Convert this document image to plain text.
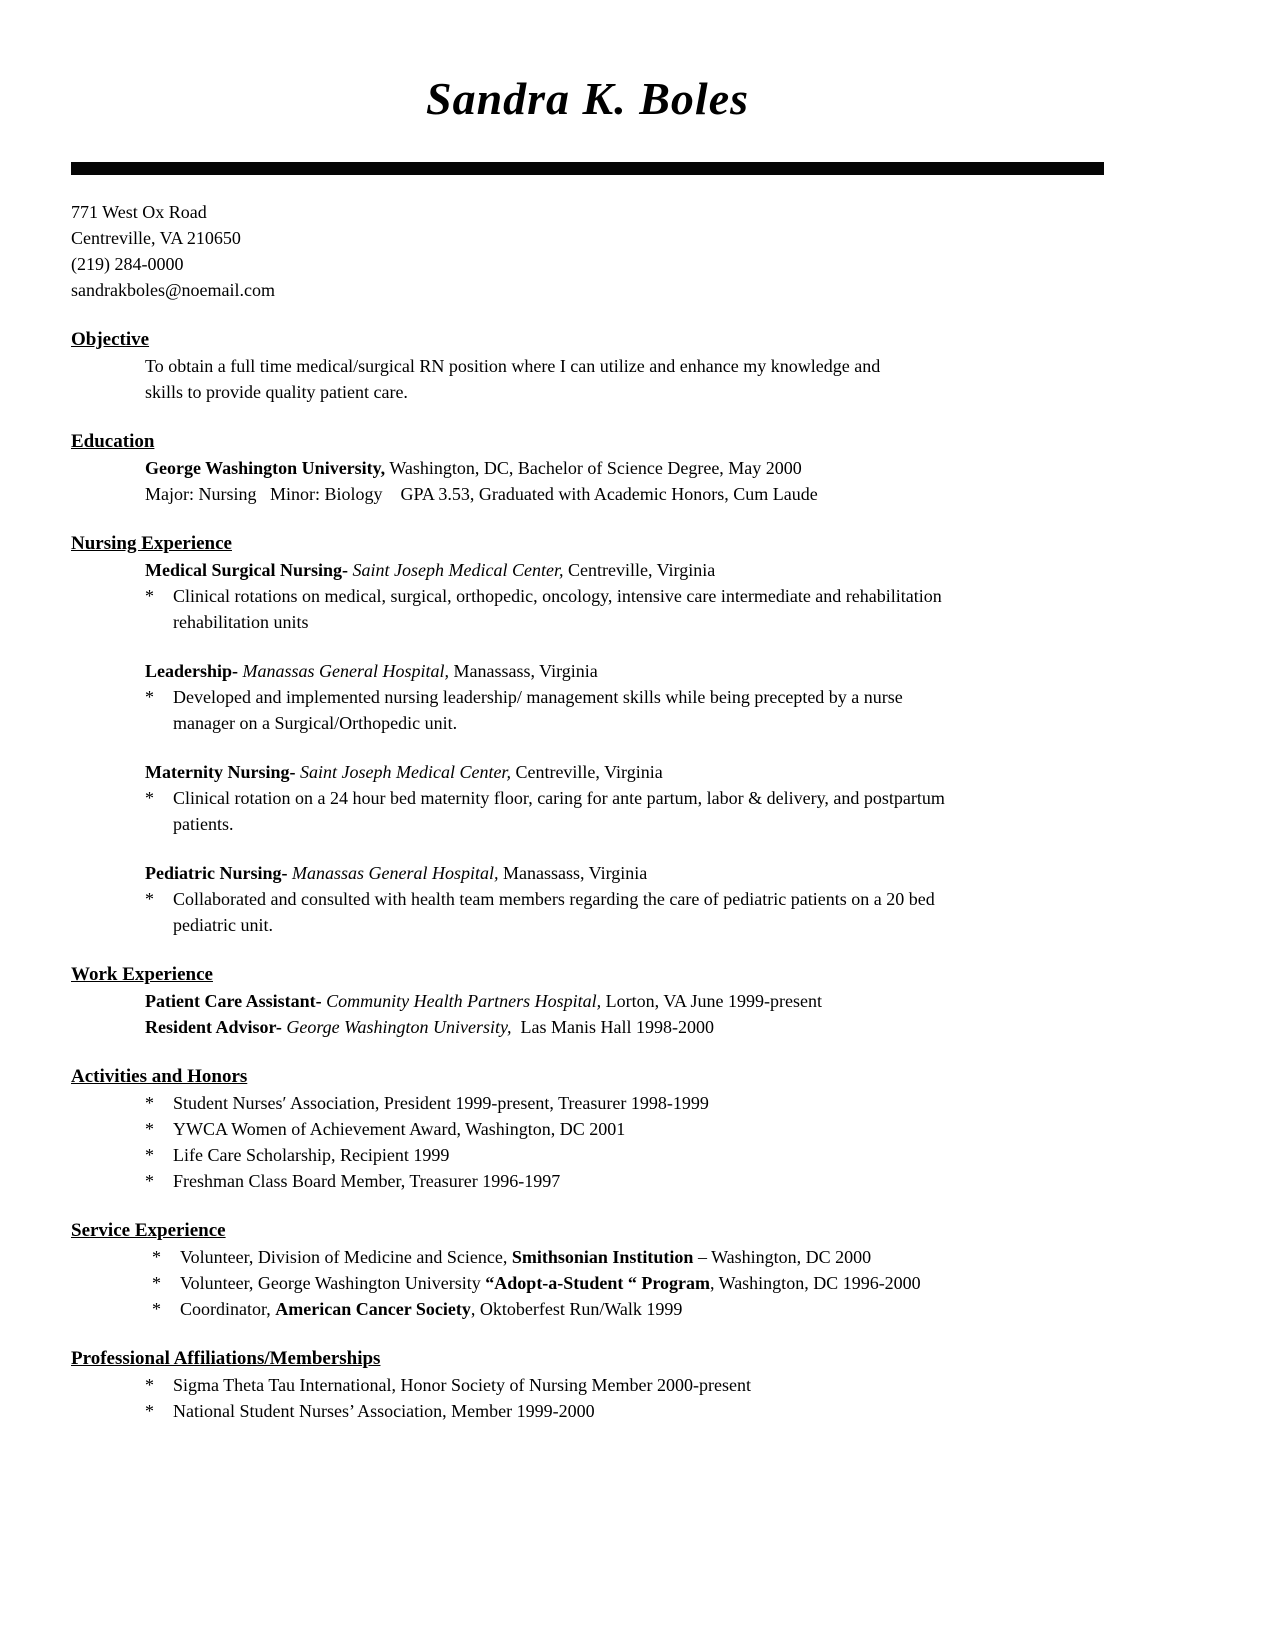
Sandra K. Boles
771 West Ox Road
Centreville, VA 210650
(219) 284-0000
sandrakboles@noemail.com
Objective
To obtain a full time medical/surgical RN position where I can utilize and enhance my knowledge and
skills to provide quality patient care.
Education
George Washington University, Washington, DC, Bachelor of Science Degree, May 2000
Major: Nursing   Minor: Biology    GPA 3.53, Graduated with Academic Honors, Cum Laude
Nursing Experience
Medical Surgical Nursing- Saint Joseph Medical Center, Centreville, Virginia
*	Clinical rotations on medical, surgical, orthopedic, oncology, intensive care intermediate and rehabilitation
rehabilitation units
Leadership- Manassas General Hospital, Manassass, Virginia
*	Developed and implemented nursing leadership/ management skills while being precepted by a nurse
manager on a Surgical/Orthopedic unit.
Maternity Nursing- Saint Joseph Medical Center, Centreville, Virginia
*	Clinical rotation on a 24 hour bed maternity floor, caring for ante partum, labor & delivery, and postpartum
patients.
Pediatric Nursing- Manassas General Hospital, Manassass, Virginia
*	Collaborated and consulted with health team members regarding the care of pediatric patients on a 20 bed
pediatric unit.
Work Experience
Patient Care Assistant- Community Health Partners Hospital, Lorton, VA June 1999-present
Resident Advisor- George Washington University,  Las Manis Hall 1998-2000
Activities and Honors
*	Student Nurses′ Association, President 1999-present, Treasurer 1998-1999
*	YWCA Women of Achievement Award, Washington, DC 2001
*	Life Care Scholarship, Recipient 1999
*	Freshman Class Board Member, Treasurer 1996-1997
Service Experience
*	Volunteer, Division of Medicine and Science, Smithsonian Institution – Washington, DC 2000
*	Volunteer, George Washington University “Adopt-a-Student “ Program, Washington, DC 1996-2000
*	Coordinator, American Cancer Society, Oktoberfest Run/Walk 1999
Professional Affiliations/Memberships
*	Sigma Theta Tau International, Honor Society of Nursing Member 2000-present
*	National Student Nurses’ Association, Member 1999-2000
